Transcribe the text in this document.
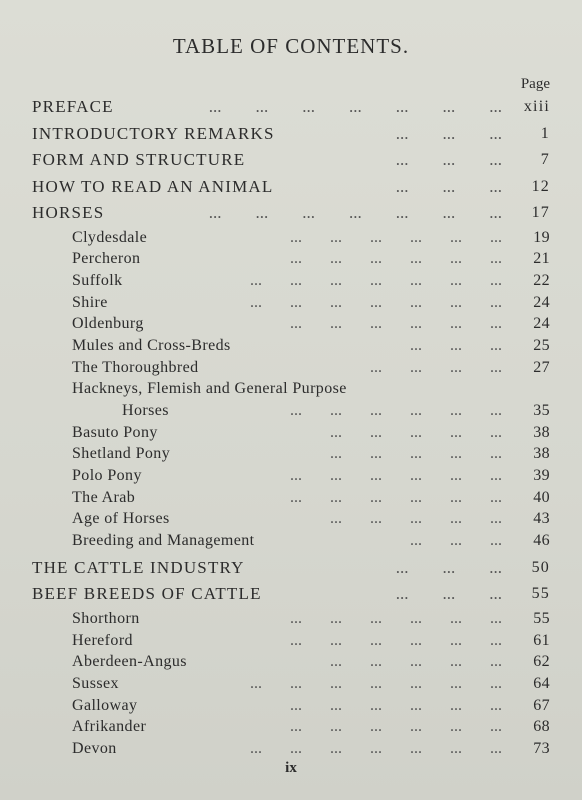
TABLE OF CONTENTS.
Page
PREFACE	...        ...        ...        ...        ...        ...        ... xiii
INTRODUCTORY REMARKS	...        ...        ... 1
FORM AND STRUCTURE	...        ...        ... 7
HOW TO READ AN ANIMAL	...        ...        ... 12
HORSES	...        ...        ...        ...        ...        ...        ... 17
Clydesdale	...       ...       ...       ...       ...       ... 19
Percheron	...       ...       ...       ...       ...       ... 21
Suffolk	...       ...       ...       ...       ...       ...       ... 22
Shire	...       ...       ...       ...       ...       ...       ... 24
Oldenburg	...       ...       ...       ...       ...       ... 24
Mules and Cross-Breds	...       ...       ... 25
The Thoroughbred	...       ...       ...       ... 27
Hackneys, Flemish and General Purpose
Horses	...       ...       ...       ...       ...       ... 35
Basuto Pony	...       ...       ...       ...       ... 38
Shetland Pony	...       ...       ...       ...       ... 38
Polo Pony	...       ...       ...       ...       ...       ... 39
The Arab	...       ...       ...       ...       ...       ... 40
Age of Horses	...       ...       ...       ...       ... 43
Breeding and Management	...       ...       ... 46
THE CATTLE INDUSTRY	...        ...        ... 50
BEEF BREEDS OF CATTLE	...        ...        ... 55
Shorthorn	...       ...       ...       ...       ...       ... 55
Hereford	...       ...       ...       ...       ...       ... 61
Aberdeen-Angus	...       ...       ...       ...       ... 62
Sussex	...       ...       ...       ...       ...       ...       ... 64
Galloway	...       ...       ...       ...       ...       ... 67
Afrikander	...       ...       ...       ...       ...       ... 68
Devon	...       ...       ...       ...       ...       ...       ... 73
ix
